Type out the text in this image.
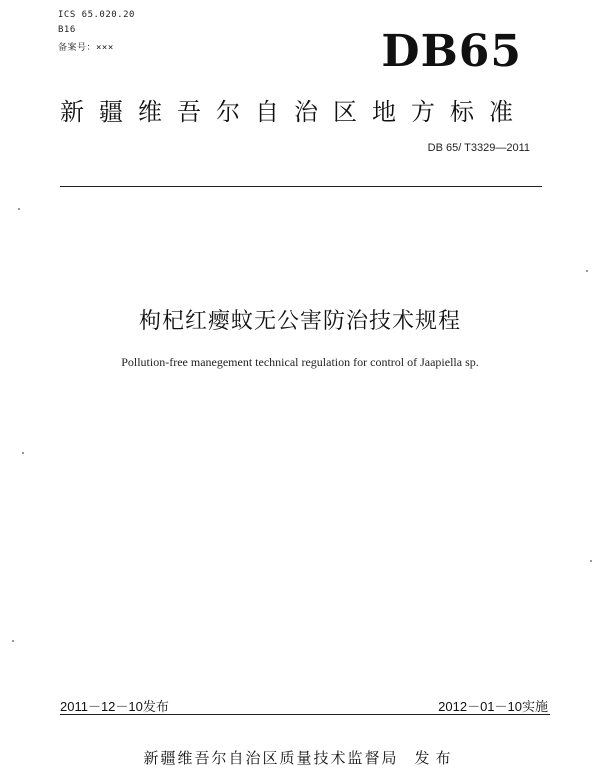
ICS 65.020.20
B16
备案号：×××	DB65
新疆维吾尔自治区地方标准
DB 65/ T3329—2011
枸杞红瘿蚊无公害防治技术规程
Pollution-free manegement technical regulation for control of Jaapiella sp.
2011－12－10发布	2012－01－10实施
新疆维吾尔自治区质量技术监督局 发布
